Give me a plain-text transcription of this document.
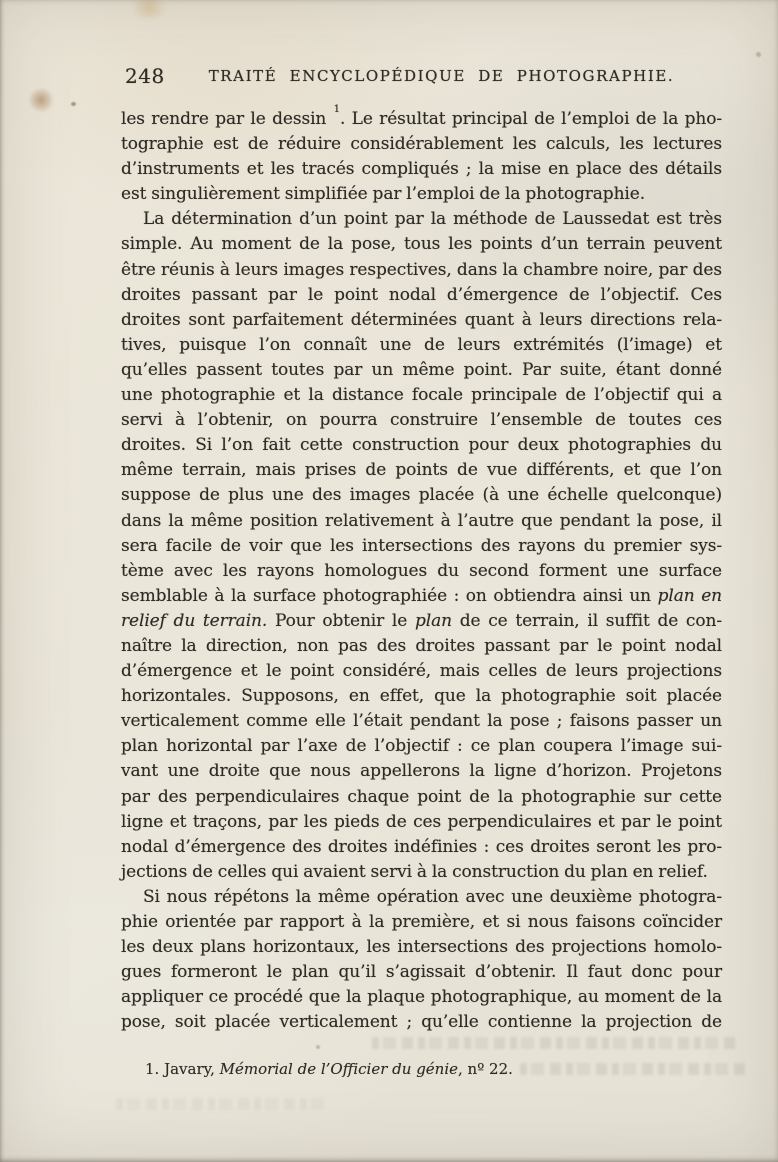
248	TRAITÉ ENCYCLOPÉDIQUE DE PHOTOGRAPHIE.
les rendre par le dessin $^1$. Le résultat principal de l’emploi de la pho-
tographie est de réduire considérablement les calculs, les lectures
d’instruments et les tracés compliqués ; la mise en place des détails
est singulièrement simplifiée par l’emploi de la photographie.
La détermination d’un point par la méthode de Laussedat est très
simple. Au moment de la pose, tous les points d’un terrain peuvent
être réunis à leurs images respectives, dans la chambre noire, par des
droites passant par le point nodal d’émergence de l’objectif. Ces
droites sont parfaitement déterminées quant à leurs directions rela-
tives, puisque l’on connaît une de leurs extrémités (l’image) et
qu’elles passent toutes par un même point. Par suite, étant donné
une photographie et la distance focale principale de l’objectif qui a
servi à l’obtenir, on pourra construire l’ensemble de toutes ces
droites. Si l’on fait cette construction pour deux photographies du
même terrain, mais prises de points de vue différents, et que l’on
suppose de plus une des images placée (à une échelle quelconque)
dans la même position relativement à l’autre que pendant la pose, il
sera facile de voir que les intersections des rayons du premier sys-
tème avec les rayons homologues du second forment une surface
semblable à la surface photographiée : on obtiendra ainsi un plan en
relief du terrain. Pour obtenir le plan de ce terrain, il suffit de con-
naître la direction, non pas des droites passant par le point nodal
d’émergence et le point considéré, mais celles de leurs projections
horizontales. Supposons, en effet, que la photographie soit placée
verticalement comme elle l’était pendant la pose ; faisons passer un
plan horizontal par l’axe de l’objectif : ce plan coupera l’image sui-
vant une droite que nous appellerons la ligne d’horizon. Projetons
par des perpendiculaires chaque point de la photographie sur cette
ligne et traçons, par les pieds de ces perpendiculaires et par le point
nodal d’émergence des droites indéfinies : ces droites seront les pro-
jections de celles qui avaient servi à la construction du plan en relief.
Si nous répétons la même opération avec une deuxième photogra-
phie orientée par rapport à la première, et si nous faisons coïncider
les deux plans horizontaux, les intersections des projections homolo-
gues formeront le plan qu’il s’agissait d’obtenir. Il faut donc pour
appliquer ce procédé que la plaque photographique, au moment de la
pose, soit placée verticalement ; qu’elle contienne la projection de
1. Javary, Mémorial de l’Officier du génie, nº 22.
